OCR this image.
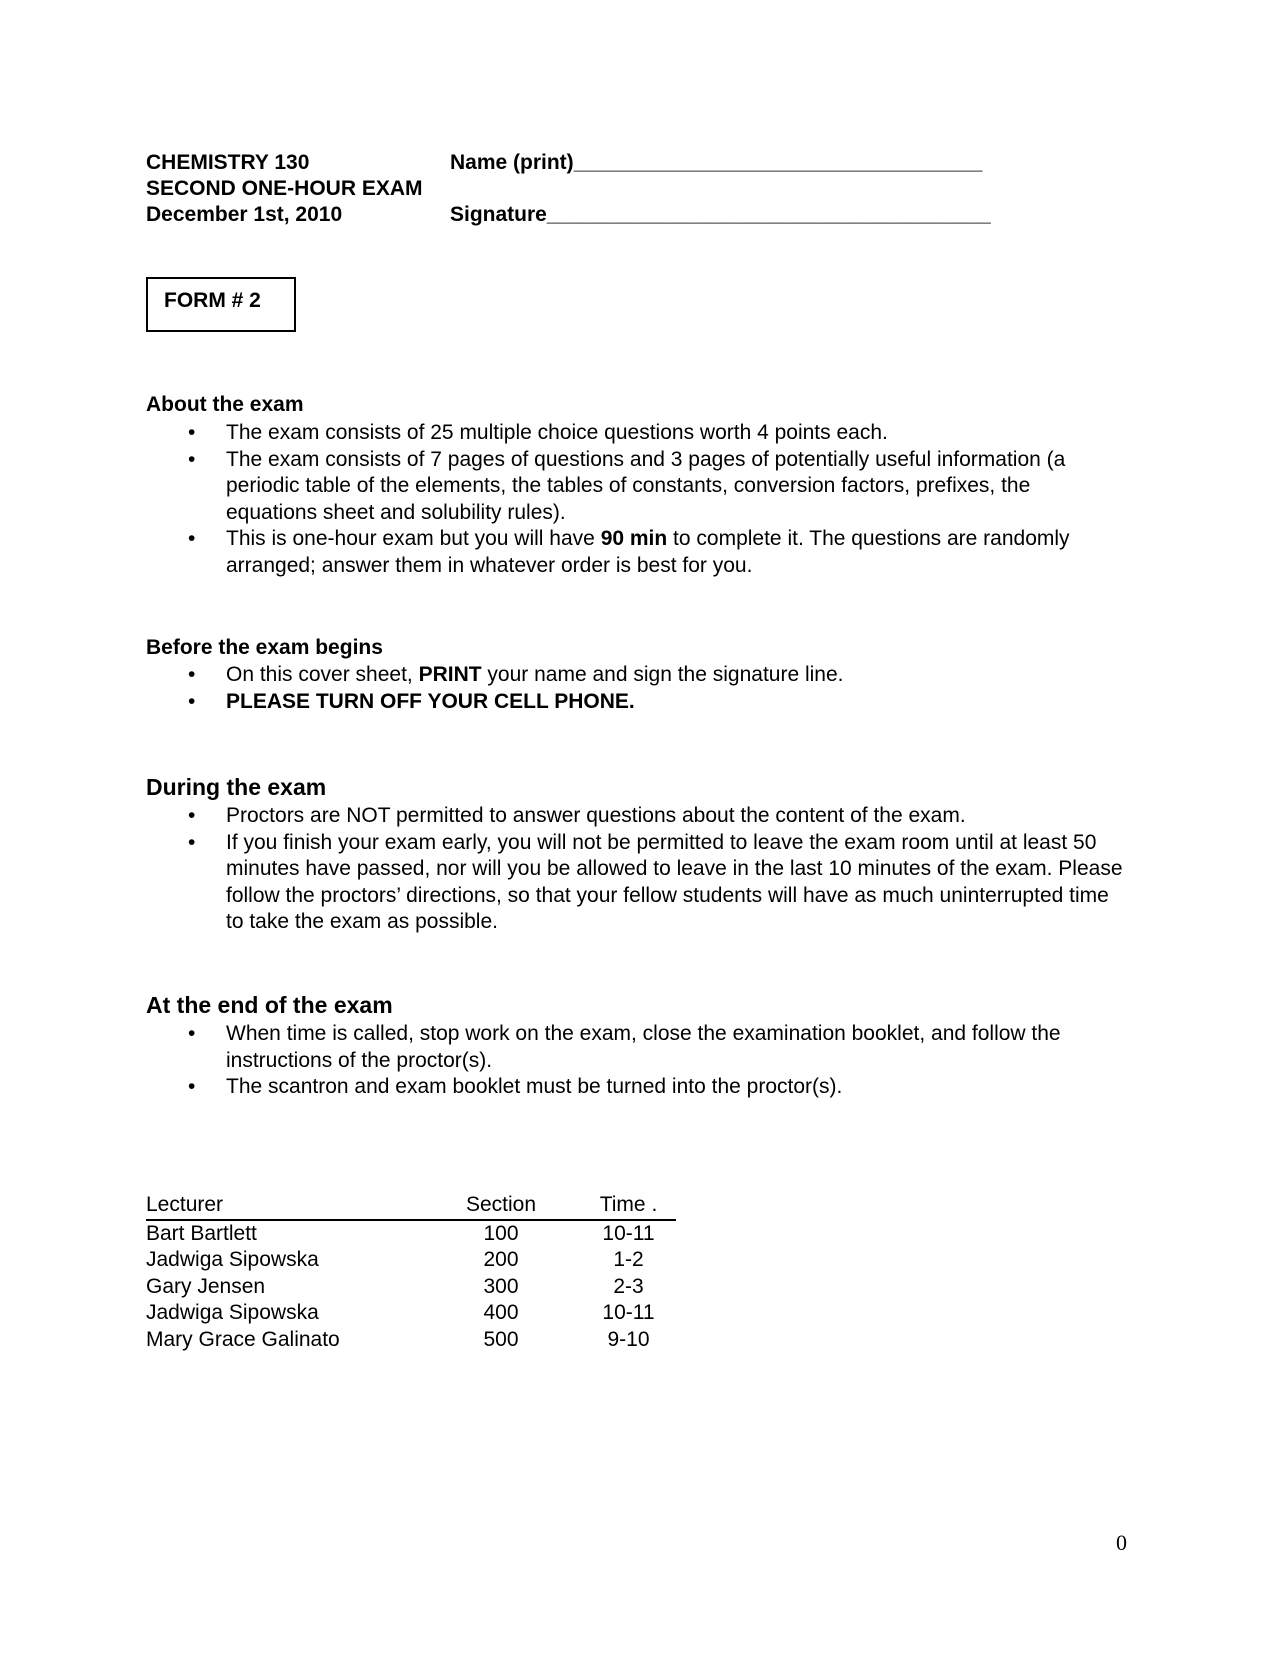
CHEMISTRY 130	Name (print)___________________________________
SECOND ONE-HOUR EXAM
December 1st, 2010	Signature______________________________________
FORM # 2
About the exam
• The exam consists of 25 multiple choice questions worth 4 points each.
• The exam consists of 7 pages of questions and 3 pages of potentially useful information (a periodic table of the elements, the tables of constants, conversion factors, prefixes, the equations sheet and solubility rules).
• This is one-hour exam but you will have 90 min to complete it. The questions are randomly arranged; answer them in whatever order is best for you.
Before the exam begins
• On this cover sheet, PRINT your name and sign the signature line.
• PLEASE TURN OFF YOUR CELL PHONE.
During the exam
• Proctors are NOT permitted to answer questions about the content of the exam.
• If you finish your exam early, you will not be permitted to leave the exam room until at least 50 minutes have passed, nor will you be allowed to leave in the last 10 minutes of the exam. Please follow the proctors’ directions, so that your fellow students will have as much uninterrupted time to take the exam as possible.
At the end of the exam
• When time is called, stop work on the exam, close the examination booklet, and follow the instructions of the proctor(s).
• The scantron and exam booklet must be turned into the proctor(s).
Lecturer	Section	Time .
Bart Bartlett	100	10-11
Jadwiga Sipowska	200	1-2
Gary Jensen	300	2-3
Jadwiga Sipowska	400	10-11
Mary Grace Galinato	500	9-10
0
